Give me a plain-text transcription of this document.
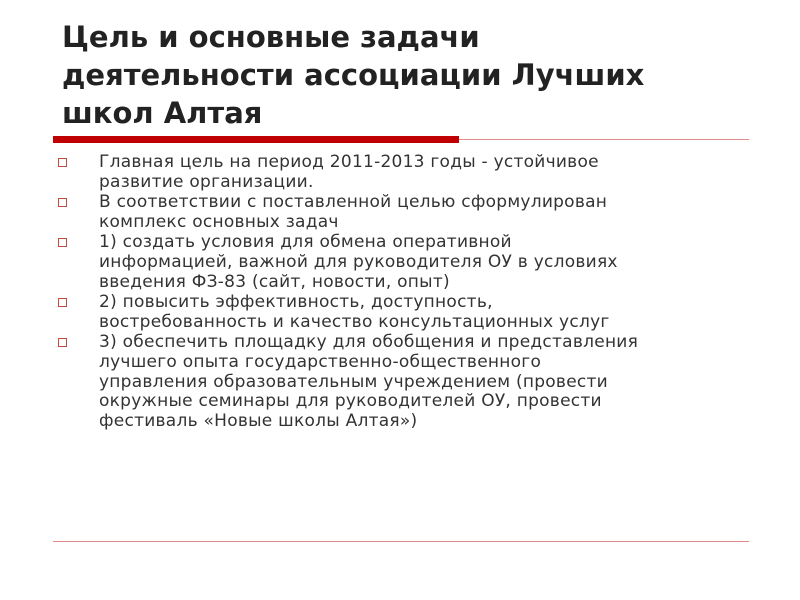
Цель и основные задачи
деятельности ассоциации Лучших
школ Алтая
Главная цель на период 2011-2013 годы - устойчивое
развитие организации.
В соответствии с поставленной целью сформулирован
комплекс основных задач
1) создать условия для обмена оперативной
информацией, важной для руководителя ОУ в условиях
введения ФЗ-83 (сайт, новости, опыт)
2) повысить эффективность, доступность,
востребованность и качество консультационных услуг
3) обеспечить площадку для обобщения и представления
лучшего опыта государственно-общественного
управления образовательным учреждением (провести
окружные семинары для руководителей ОУ, провести
фестиваль «Новые школы Алтая»)
